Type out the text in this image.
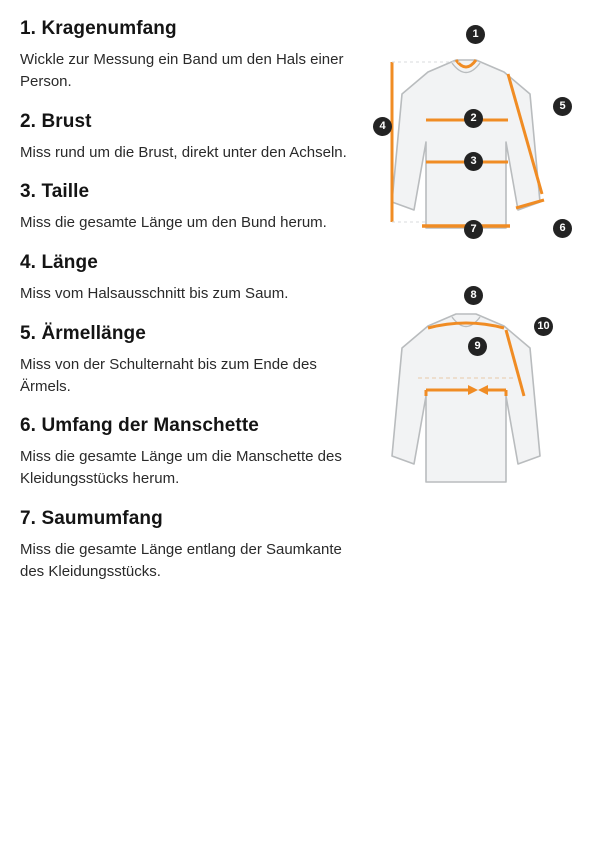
1. Kragenumfang

Wickle zur Messung ein Band um den Hals einer Person.

2. Brust

Miss rund um die Brust, direkt unter den Achseln.

3. Taille

Miss die gesamte Länge um den Bund herum.

4. Länge

Miss vom Halsausschnitt bis zum Saum.

5. Ärmellänge

Miss von der Schulternaht bis zum Ende des Ärmels.

6. Umfang der Manschette

Miss die gesamte Länge um die Manschette des Kleidungsstücks herum.

7. Saumumfang

Miss die gesamte Länge entlang der Saumkante des Kleidungsstücks.

1
2
3
4
5
6
7
8
9
10
